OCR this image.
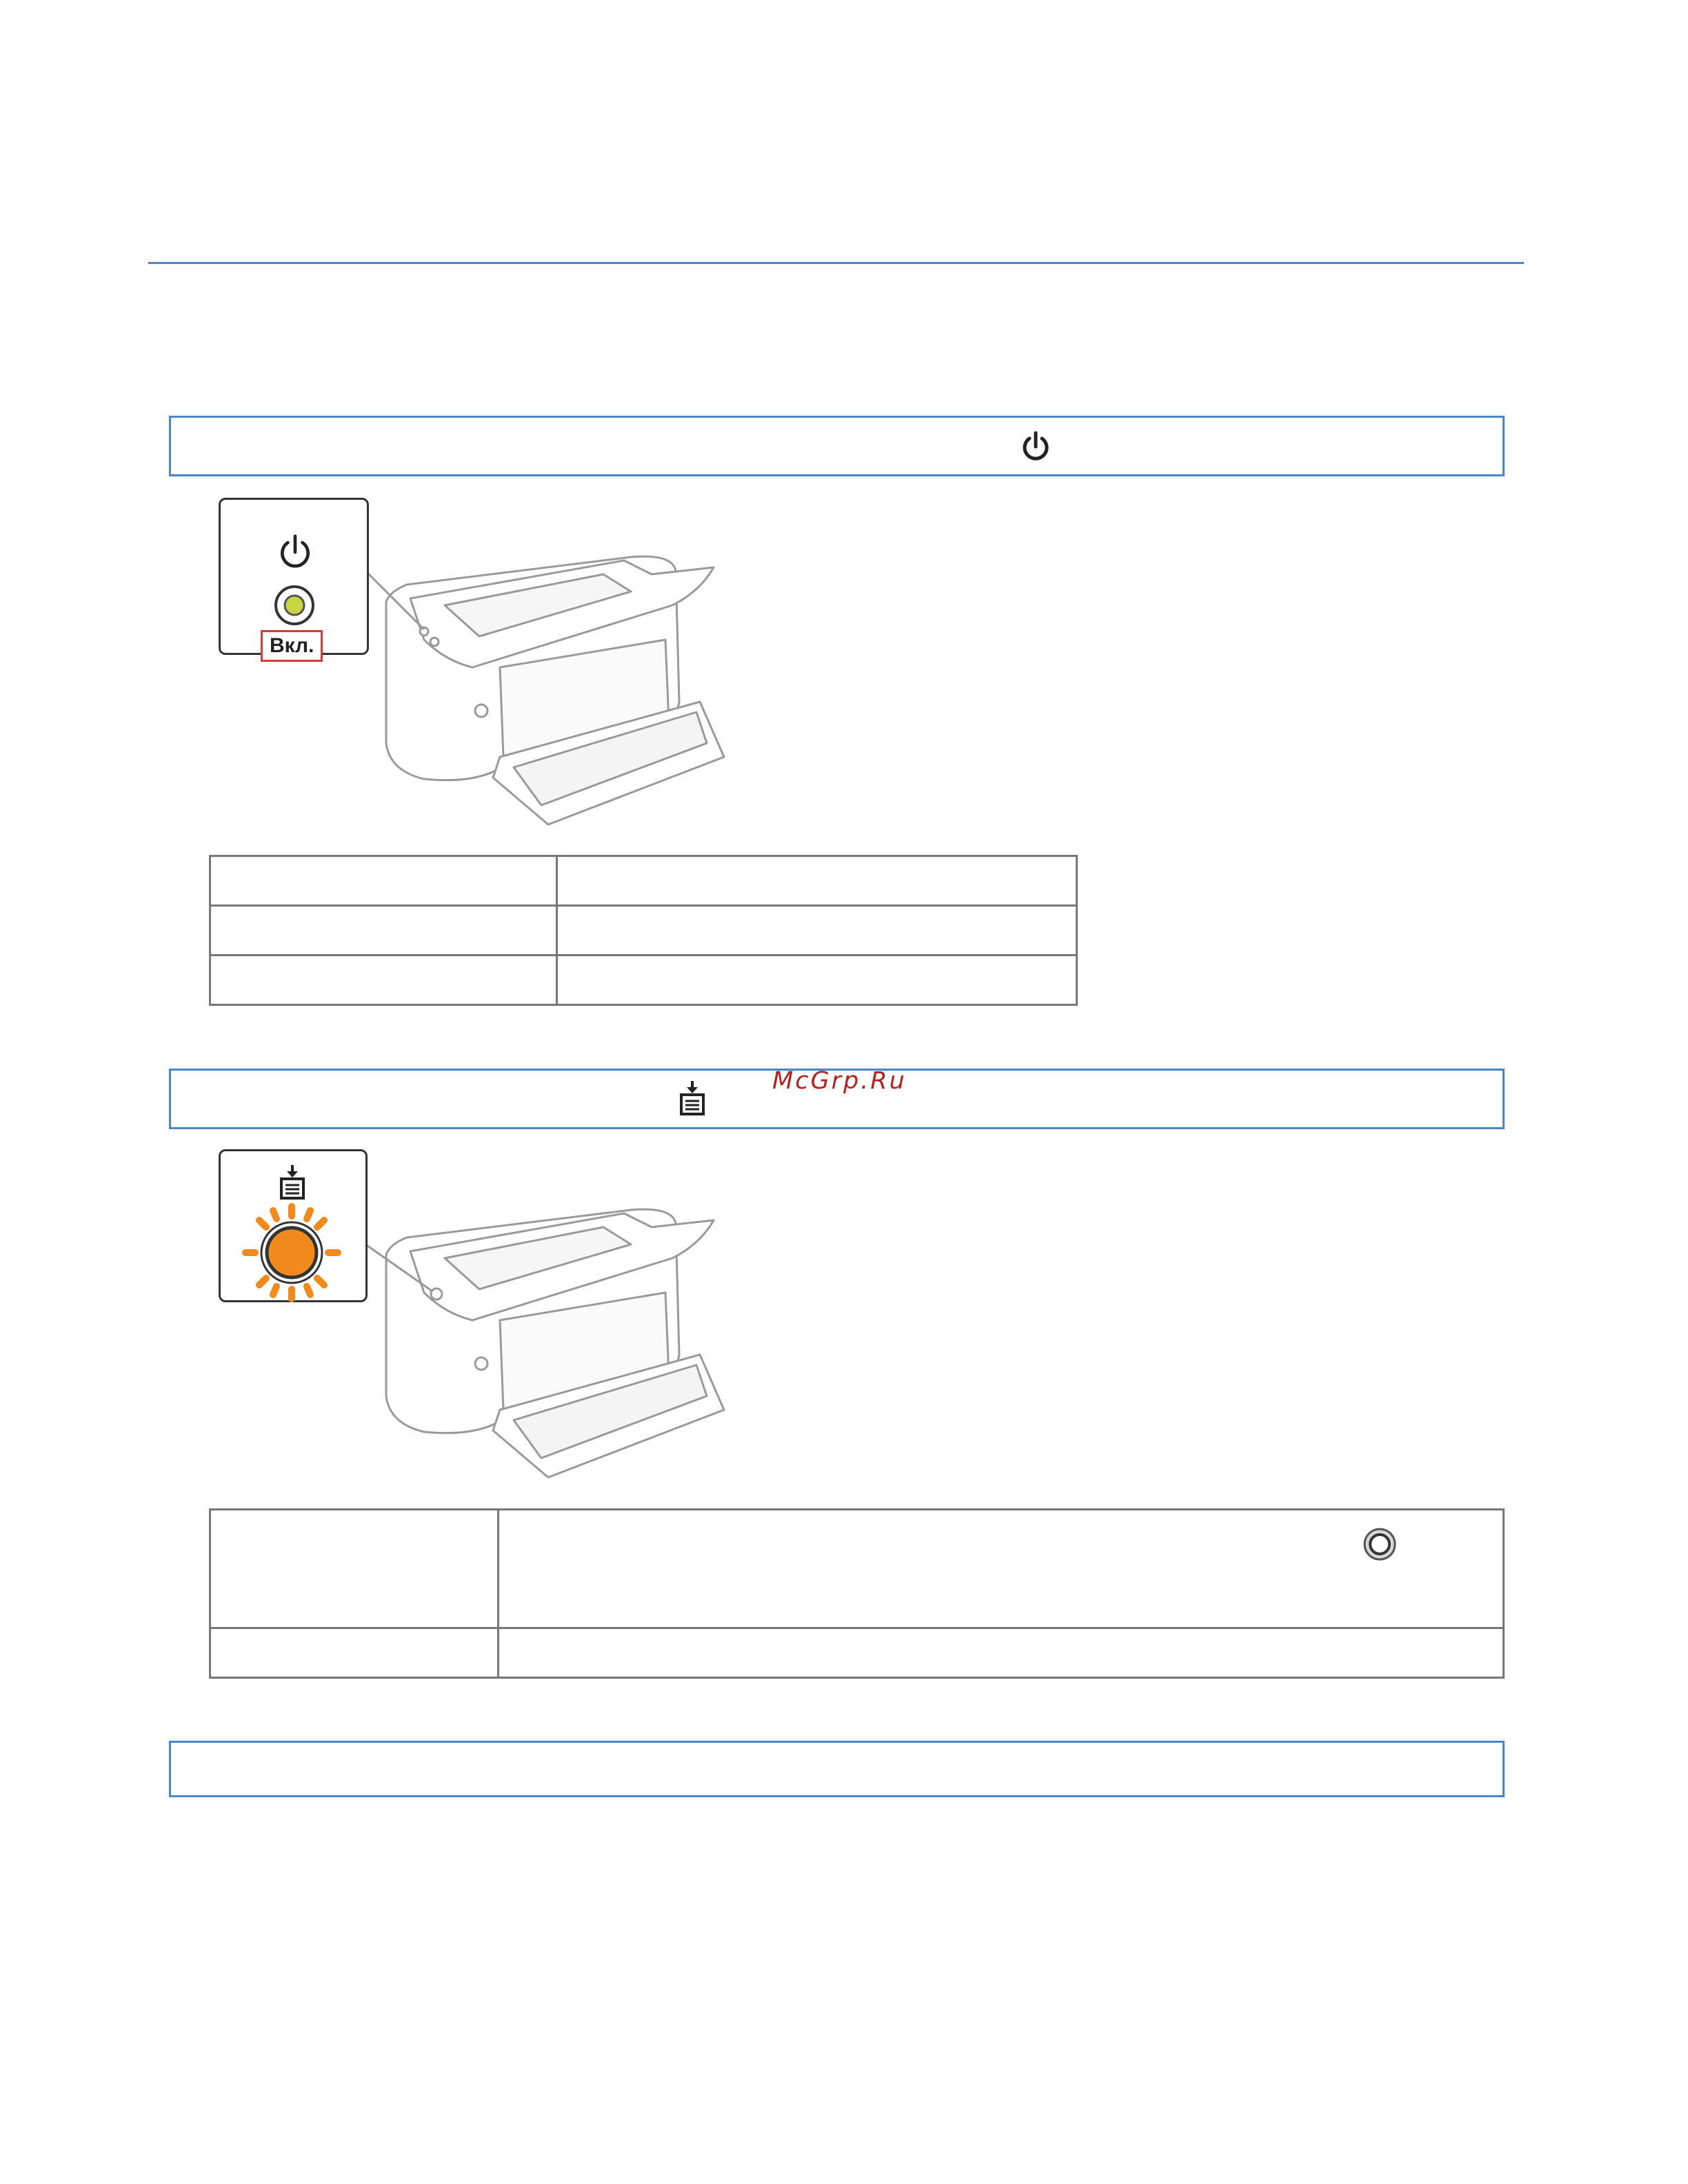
Вкл.

McGrp.Ru
